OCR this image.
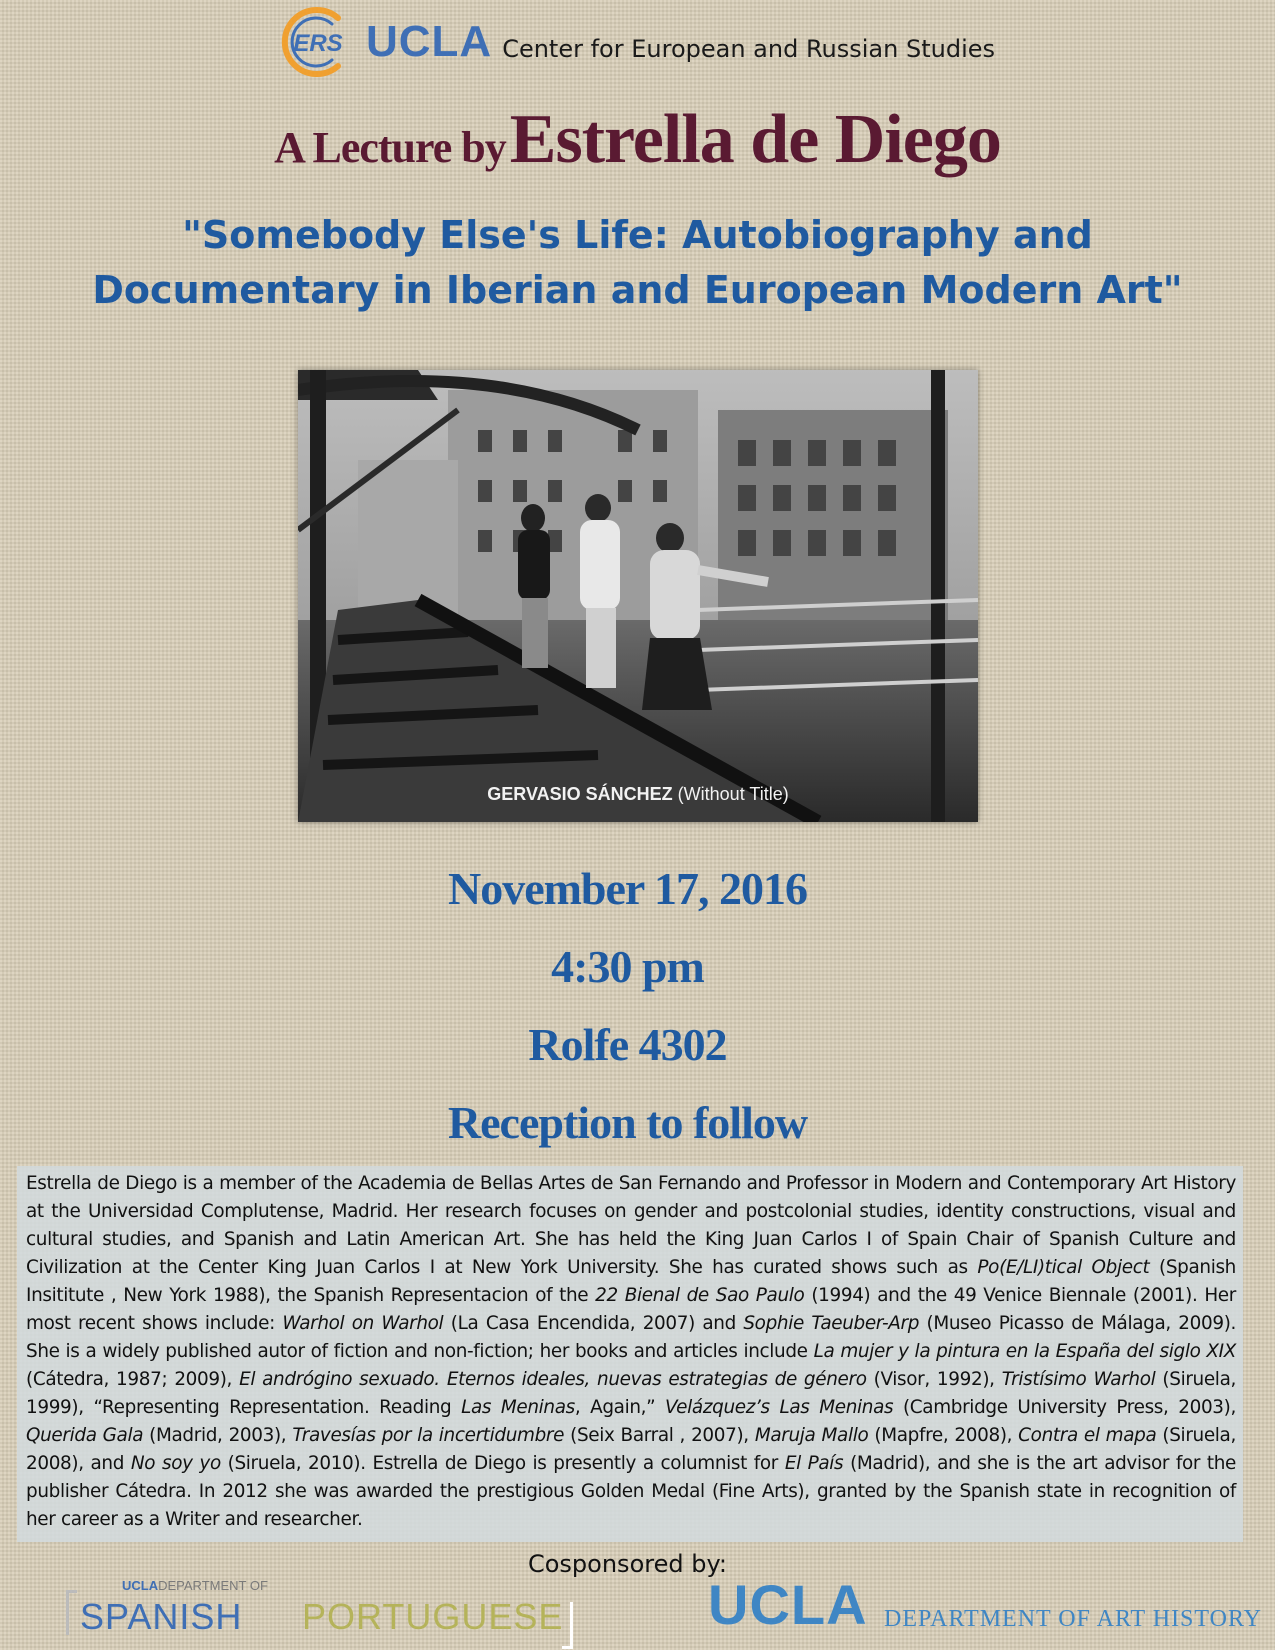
ERS UCLA Center for European and Russian Studies
A Lecture by Estrella de Diego
"Somebody Else's Life: Autobiography and Documentary in Iberian and European Modern Art"
GERVASIO SÁNCHEZ (Without Title)
November 17, 2016
4:30 pm
Rolfe 4302
Reception to follow

Estrella de Diego is a member of the Academia de Bellas Artes de San Fernando and Professor in Modern and Contemporary Art History at the Universidad Complutense, Madrid. Her research focuses on gender and postcolonial studies, identity constructions, visual and cultural studies, and Spanish and Latin American Art. She has held the King Juan Carlos I of Spain Chair of Spanish Culture and Civilization at the Center King Juan Carlos I at New York University. She has curated shows such as Po(E/LI)tical Object (Spanish Insititute , New York 1988), the Spanish Representacion of the 22 Bienal de Sao Paulo (1994) and the 49 Venice Biennale (2001). Her most recent shows include: Warhol on Warhol (La Casa Encendida, 2007) and Sophie Taeuber-Arp (Museo Picasso de Málaga, 2009). She is a widely published autor of fiction and non-fiction; her books and articles include La mujer y la pintura en la España del siglo XIX (Cátedra, 1987; 2009), El andrógino sexuado. Eternos ideales, nuevas estrategias de género (Visor, 1992), Tristísimo Warhol (Siruela, 1999), “Representing Representation. Reading Las Meninas, Again,” Velázquez’s Las Meninas (Cambridge University Press, 2003), Querida Gala (Madrid, 2003), Travesías por la incertidumbre (Seix Barral , 2007), Maruja Mallo (Mapfre, 2008), Contra el mapa (Siruela, 2008), and No soy yo (Siruela, 2010). Estrella de Diego is presently a columnist for El País (Madrid), and she is the art advisor for the publisher Cátedra. In 2012 she was awarded the prestigious Golden Medal (Fine Arts), granted by the Spanish state in recognition of her career as a Writer and researcher.

Cosponsored by:
UCLADEPARTMENT OF
SPANISH PORTUGUESE	UCLA DEPARTMENT OF ART HISTORY
